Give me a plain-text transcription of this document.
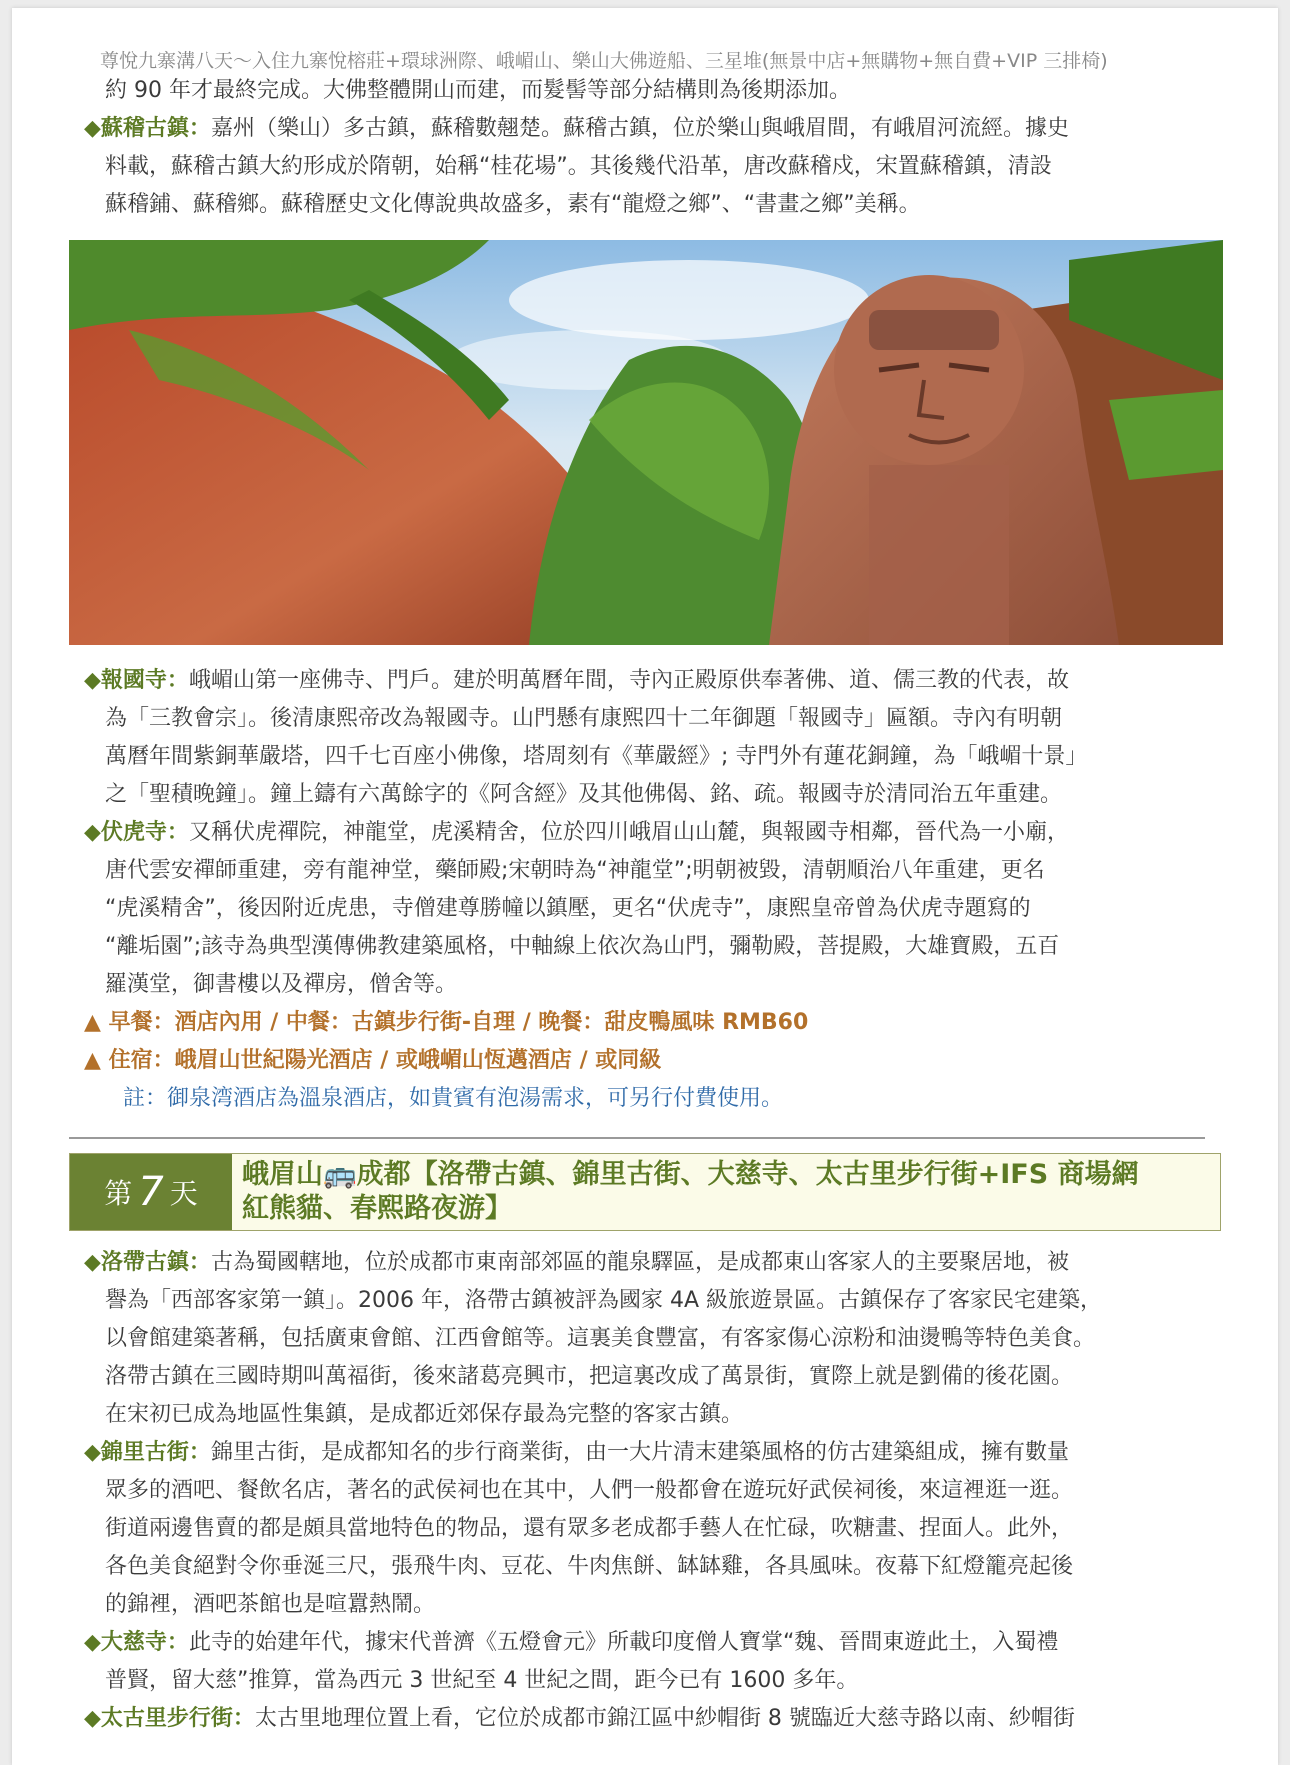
尊悅九寨溝八天～入住九寨悅榕莊+環球洲際、峨嵋山、樂山大佛遊船、三星堆(無景中店+無購物+無自費+VIP 三排椅)

約 90 年才最終完成。大佛整體開山而建，而髮髻等部分結構則為後期添加。

◆蘇稽古鎮：嘉州（樂山）多古鎮，蘇稽數翹楚。蘇稽古鎮，位於樂山與峨眉間，有峨眉河流經。據史
料載，蘇稽古鎮大約形成於隋朝，始稱“桂花場”。其後幾代沿革，唐改蘇稽戍，宋置蘇稽鎮，清設
蘇稽鋪、蘇稽鄉。蘇稽歷史文化傳說典故盛多，素有“龍燈之鄉”、“書畫之鄉”美稱。

◆報國寺：峨嵋山第一座佛寺、門戶。建於明萬曆年間，寺內正殿原供奉著佛、道、儒三教的代表，故
為「三教會宗」。後清康熙帝改為報國寺。山門懸有康熙四十二年御題「報國寺」匾額。寺內有明朝
萬曆年間紫銅華嚴塔，四千七百座小佛像，塔周刻有《華嚴經》; 寺門外有蓮花銅鐘，為「峨嵋十景」
之「聖積晚鐘」。鐘上鑄有六萬餘字的《阿含經》及其他佛偈、銘、疏。報國寺於清同治五年重建。

◆伏虎寺：又稱伏虎禪院，神龍堂，虎溪精舍，位於四川峨眉山山麓，與報國寺相鄰，晉代為一小廟，
唐代雲安禪師重建，旁有龍神堂，藥師殿;宋朝時為“神龍堂”;明朝被毀，清朝順治八年重建，更名
“虎溪精舍”，後因附近虎患，寺僧建尊勝幢以鎮壓，更名“伏虎寺”，康熙皇帝曾為伏虎寺題寫的
“離垢園”;該寺為典型漢傳佛教建築風格，中軸線上依次為山門，彌勒殿，菩提殿，大雄寶殿，五百
羅漢堂，御書樓以及禪房，僧舍等。

▲ 早餐：酒店內用 / 中餐：古鎮步行街-自理 / 晚餐：甜皮鴨風味 RMB60

▲ 住宿：峨眉山世紀陽光酒店 / 或峨嵋山恆邁酒店 / 或同級

註：御泉湾酒店為溫泉酒店，如貴賓有泡湯需求，可另行付費使用。

第 7 天
峨眉山🚌成都【洛帶古鎮、錦里古街、大慈寺、太古里步行街+IFS 商場網
紅熊貓、春熙路夜游】

◆洛帶古鎮：古為蜀國轄地，位於成都市東南部郊區的龍泉驛區，是成都東山客家人的主要聚居地，被
譽為「西部客家第一鎮」。2006 年，洛帶古鎮被評為國家 4A 級旅遊景區。古鎮保存了客家民宅建築，
以會館建築著稱，包括廣東會館、江西會館等。這裏美食豐富，有客家傷心涼粉和油燙鴨等特色美食。
洛帶古鎮在三國時期叫萬福街，後來諸葛亮興市，把這裏改成了萬景街，實際上就是劉備的後花園。
在宋初已成為地區性集鎮，是成都近郊保存最為完整的客家古鎮。

◆錦里古街：錦里古街，是成都知名的步行商業街，由一大片清末建築風格的仿古建築組成，擁有數量
眾多的酒吧、餐飲名店，著名的武侯祠也在其中，人們一般都會在遊玩好武侯祠後，來這裡逛一逛。
街道兩邊售賣的都是頗具當地特色的物品，還有眾多老成都手藝人在忙碌，吹糖畫、捏面人。此外，
各色美食絕對令你垂涎三尺，張飛牛肉、豆花、牛肉焦餅、缽缽雞，各具風味。夜幕下紅燈籠亮起後
的錦裡，酒吧茶館也是喧囂熱鬧。

◆大慈寺：此寺的始建年代，據宋代普濟《五燈會元》所載印度僧人寶掌“魏、晉間東遊此土，入蜀禮
普賢，留大慈”推算，當為西元 3 世紀至 4 世紀之間，距今已有 1600 多年。

◆太古里步行街：太古里地理位置上看，它位於成都市錦江區中紗帽街 8 號臨近大慈寺路以南、紗帽街
